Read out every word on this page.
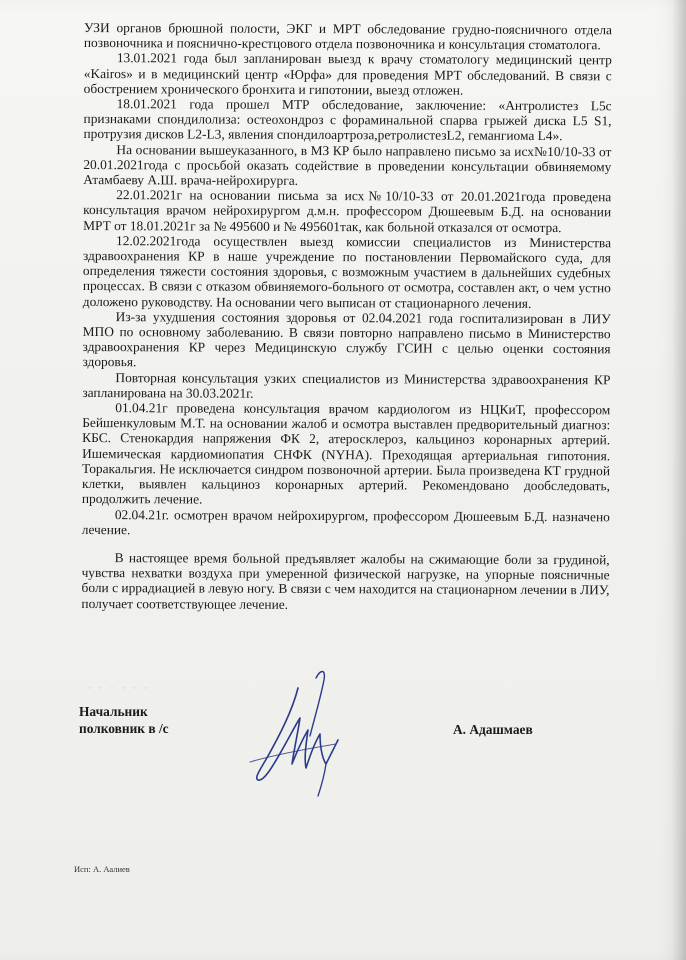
УЗИ органов брюшной полости, ЭКГ и МРТ обследование грудно-поясничного отдела позвоночника и пояснично-крестцового отдела позвоночника и консультация стоматолога.

13.01.2021 года был запланирован выезд к врачу стоматологу медицинский центр «Kairos» и в медицинский центр «Юрфа» для проведения МРТ обследований. В связи с обострением хронического бронхита и гипотонии, выезд отложен.

18.01.2021 года прошел МТР обследование, заключение: «Антролистез L5с признаками спондилолиза: остеохондроз с фораминальной спарва грыжей диска L5 S1, протрузия дисков L2-L3, явления спондилоартроза,ретролистезL2, гемангиома L4».

На основании вышеуказанного, в МЗ КР было направлено письмо за исх№10/10-33 от 20.01.2021года с просьбой оказать содействие в проведении консультации обвиняемому Атамбаеву А.Ш. врача-нейрохирурга.

22.01.2021г на основании письма за исх№10/10-33 от 20.01.2021года проведена консультация врачом нейрохирургом д.м.н. профессором Дюшеевым Б.Д. на основании МРТ от 18.01.2021г за № 495600 и № 495601так, как больной отказался от осмотра.

12.02.2021года осуществлен выезд комиссии специалистов из Министерства здравоохранения КР в наше учреждение по постановлении Первомайского суда, для определения тяжести состояния здоровья, с возможным участием в дальнейших судебных процессах. В связи с отказом обвиняемого-больного от осмотра, составлен акт, о чем устно доложено руководству. На основании чего выписан от стационарного лечения.

Из-за ухудшения состояния здоровья от 02.04.2021 года госпитализирован в ЛИУ МПО по основному заболеванию. В связи повторно направлено письмо в Министерство здравоохранения КР через Медицинскую службу ГСИН с целью оценки состояния здоровья.

Повторная консультация узких специалистов из Министерства здравоохранения КР запланирована на 30.03.2021г.

01.04.21г проведена консультация врачом кардиологом из НЦКиТ, профессором Бейшенкуловым М.Т. на основании жалоб и осмотра выставлен предворительный диагноз: КБС. Стенокардия напряжения ФК 2, атеросклероз, кальциноз коронарных артерий. Ишемическая кардиомиопатия СНФК (NYHA). Преходящая артериальная гипотония. Торакальгия. Не исключается синдром позвоночной артерии. Была произведена КТ грудной клетки, выявлен кальциноз коронарных артерий. Рекомендовано дообследовать, продолжить лечение.

02.04.21г. осмотрен врачом нейрохирургом, профессором Дюшеевым Б.Д. назначено лечение.

В настоящее время больной предъявляет жалобы на сжимающие боли за грудиной, чувства нехватки воздуха при умеренной физической нагрузке, на упорные поясничные боли с иррадиацией в левую ногу. В связи с чем находится на стационарном лечении в ЛИУ, получает соответствующее лечение.

· · · · · ·
Начальник
полковник в /с	А. Адашмаев
Исп: А. Аалиев
